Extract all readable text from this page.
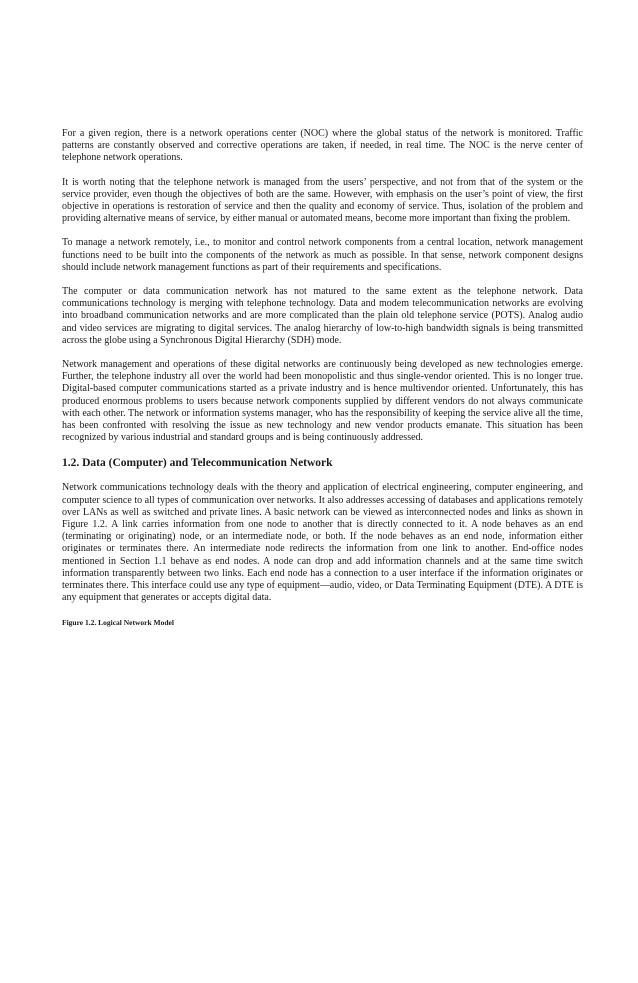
For a given region, there is a network operations center (NOC) where the global status of the network is monitored. Traffic patterns are constantly observed and corrective operations are taken, if needed, in real time. The NOC is the nerve center of telephone network operations.

It is worth noting that the telephone network is managed from the users’ perspective, and not from that of the system or the service provider, even though the objectives of both are the same. However, with emphasis on the user’s point of view, the first objective in operations is restoration of service and then the quality and economy of service. Thus, isolation of the problem and providing alternative means of service, by either manual or automated means, become more important than fixing the problem.

To manage a network remotely, i.e., to monitor and control network components from a central location, network management functions need to be built into the components of the network as much as possible. In that sense, network component designs should include network management functions as part of their requirements and specifications.

The computer or data communication network has not matured to the same extent as the telephone network. Data communications technology is merging with telephone technology. Data and modem telecommunication networks are evolving into broadband communication networks and are more complicated than the plain old telephone service (POTS). Analog audio and video services are migrating to digital services. The analog hierarchy of low-to-high bandwidth signals is being transmitted across the globe using a Synchronous Digital Hierarchy (SDH) mode.

Network management and operations of these digital networks are continuously being developed as new technologies emerge. Further, the telephone industry all over the world had been monopolistic and thus single-vendor oriented. This is no longer true. Digital-based computer communications started as a private industry and is hence multivendor oriented. Unfortunately, this has produced enormous problems to users because network components supplied by different vendors do not always communicate with each other. The network or information systems manager, who has the responsibility of keeping the service alive all the time, has been confronted with resolving the issue as new technology and new vendor products emanate. This situation has been recognized by various industrial and standard groups and is being continuously addressed.

1.2. Data (Computer) and Telecommunication Network

Network communications technology deals with the theory and application of electrical engineering, computer engineering, and computer science to all types of communication over networks. It also addresses accessing of databases and applications remotely over LANs as well as switched and private lines. A basic network can be viewed as interconnected nodes and links as shown in Figure 1.2. A link carries information from one node to another that is directly connected to it. A node behaves as an end (terminating or originating) node, or an intermediate node, or both. If the node behaves as an end node, information either originates or terminates there. An intermediate node redirects the information from one link to another. End-office nodes mentioned in Section 1.1 behave as end nodes. A node can drop and add information channels and at the same time switch information transparently between two links. Each end node has a connection to a user interface if the information originates or terminates there. This interface could use any type of equipment—audio, video, or Data Terminating Equipment (DTE). A DTE is any equipment that generates or accepts digital data.

Figure 1.2. Logical Network Model
